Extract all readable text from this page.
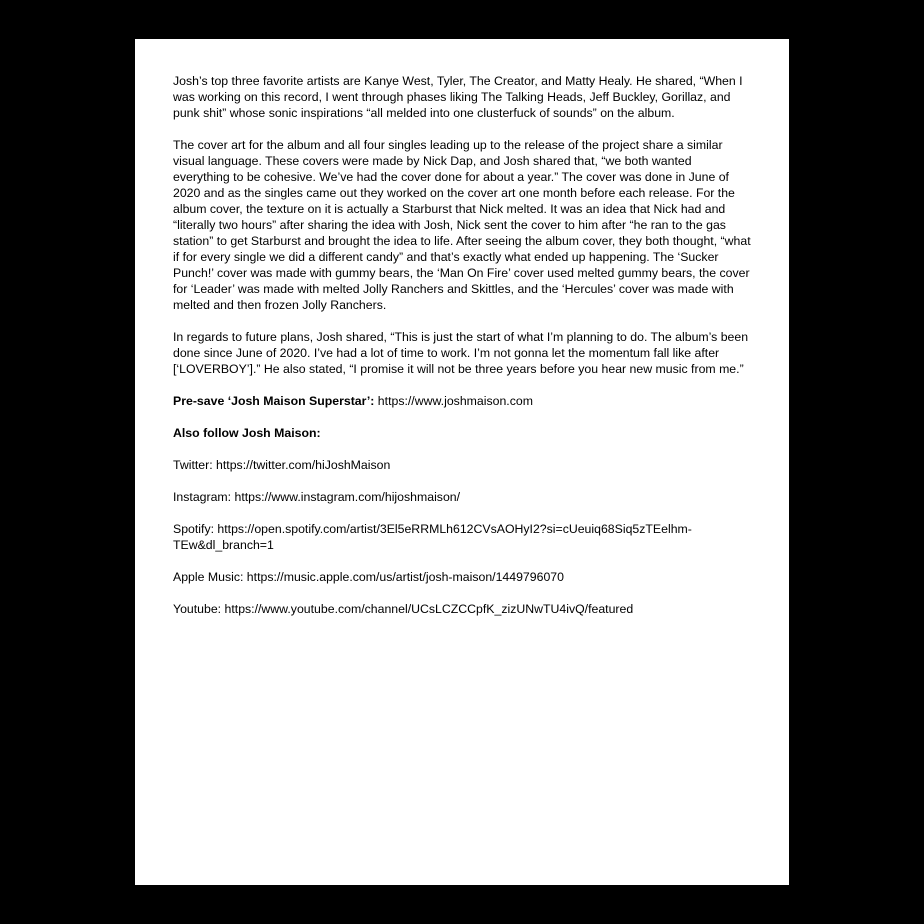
Josh’s top three favorite artists are Kanye West, Tyler, The Creator, and Matty Healy. He shared, “When I was working on this record, I went through phases liking The Talking Heads, Jeff Buckley, Gorillaz, and punk shit” whose sonic inspirations “all melded into one clusterfuck of sounds” on the album.

The cover art for the album and all four singles leading up to the release of the project share a similar visual language. These covers were made by Nick Dap, and Josh shared that, “we both wanted everything to be cohesive. We’ve had the cover done for about a year.” The cover was done in June of 2020 and as the singles came out they worked on the cover art one month before each release. For the album cover, the texture on it is actually a Starburst that Nick melted. It was an idea that Nick had and “literally two hours” after sharing the idea with Josh, Nick sent the cover to him after “he ran to the gas station” to get Starburst and brought the idea to life. After seeing the album cover, they both thought, “what if for every single we did a different candy” and that’s exactly what ended up happening. The ‘Sucker Punch!’ cover was made with gummy bears, the ‘Man On Fire’ cover used melted gummy bears, the cover for ‘Leader’ was made with melted Jolly Ranchers and Skittles, and the ‘Hercules’ cover was made with melted and then frozen Jolly Ranchers.

In regards to future plans, Josh shared, “This is just the start of what I’m planning to do. The album’s been done since June of 2020. I’ve had a lot of time to work. I’m not gonna let the momentum fall like after [‘LOVERBOY’].” He also stated, “I promise it will not be three years before you hear new music from me.”

Pre-save ‘Josh Maison Superstar’: https://www.joshmaison.com

Also follow Josh Maison:

Twitter: https://twitter.com/hiJoshMaison

Instagram: https://www.instagram.com/hijoshmaison/

Spotify: https://open.spotify.com/artist/3El5eRRMLh612CVsAOHyI2?si=cUeuiq68Siq5zTEelhm-
TEw&dl_branch=1

Apple Music: https://music.apple.com/us/artist/josh-maison/1449796070

Youtube: https://www.youtube.com/channel/UCsLCZCCpfK_zizUNwTU4ivQ/featured
